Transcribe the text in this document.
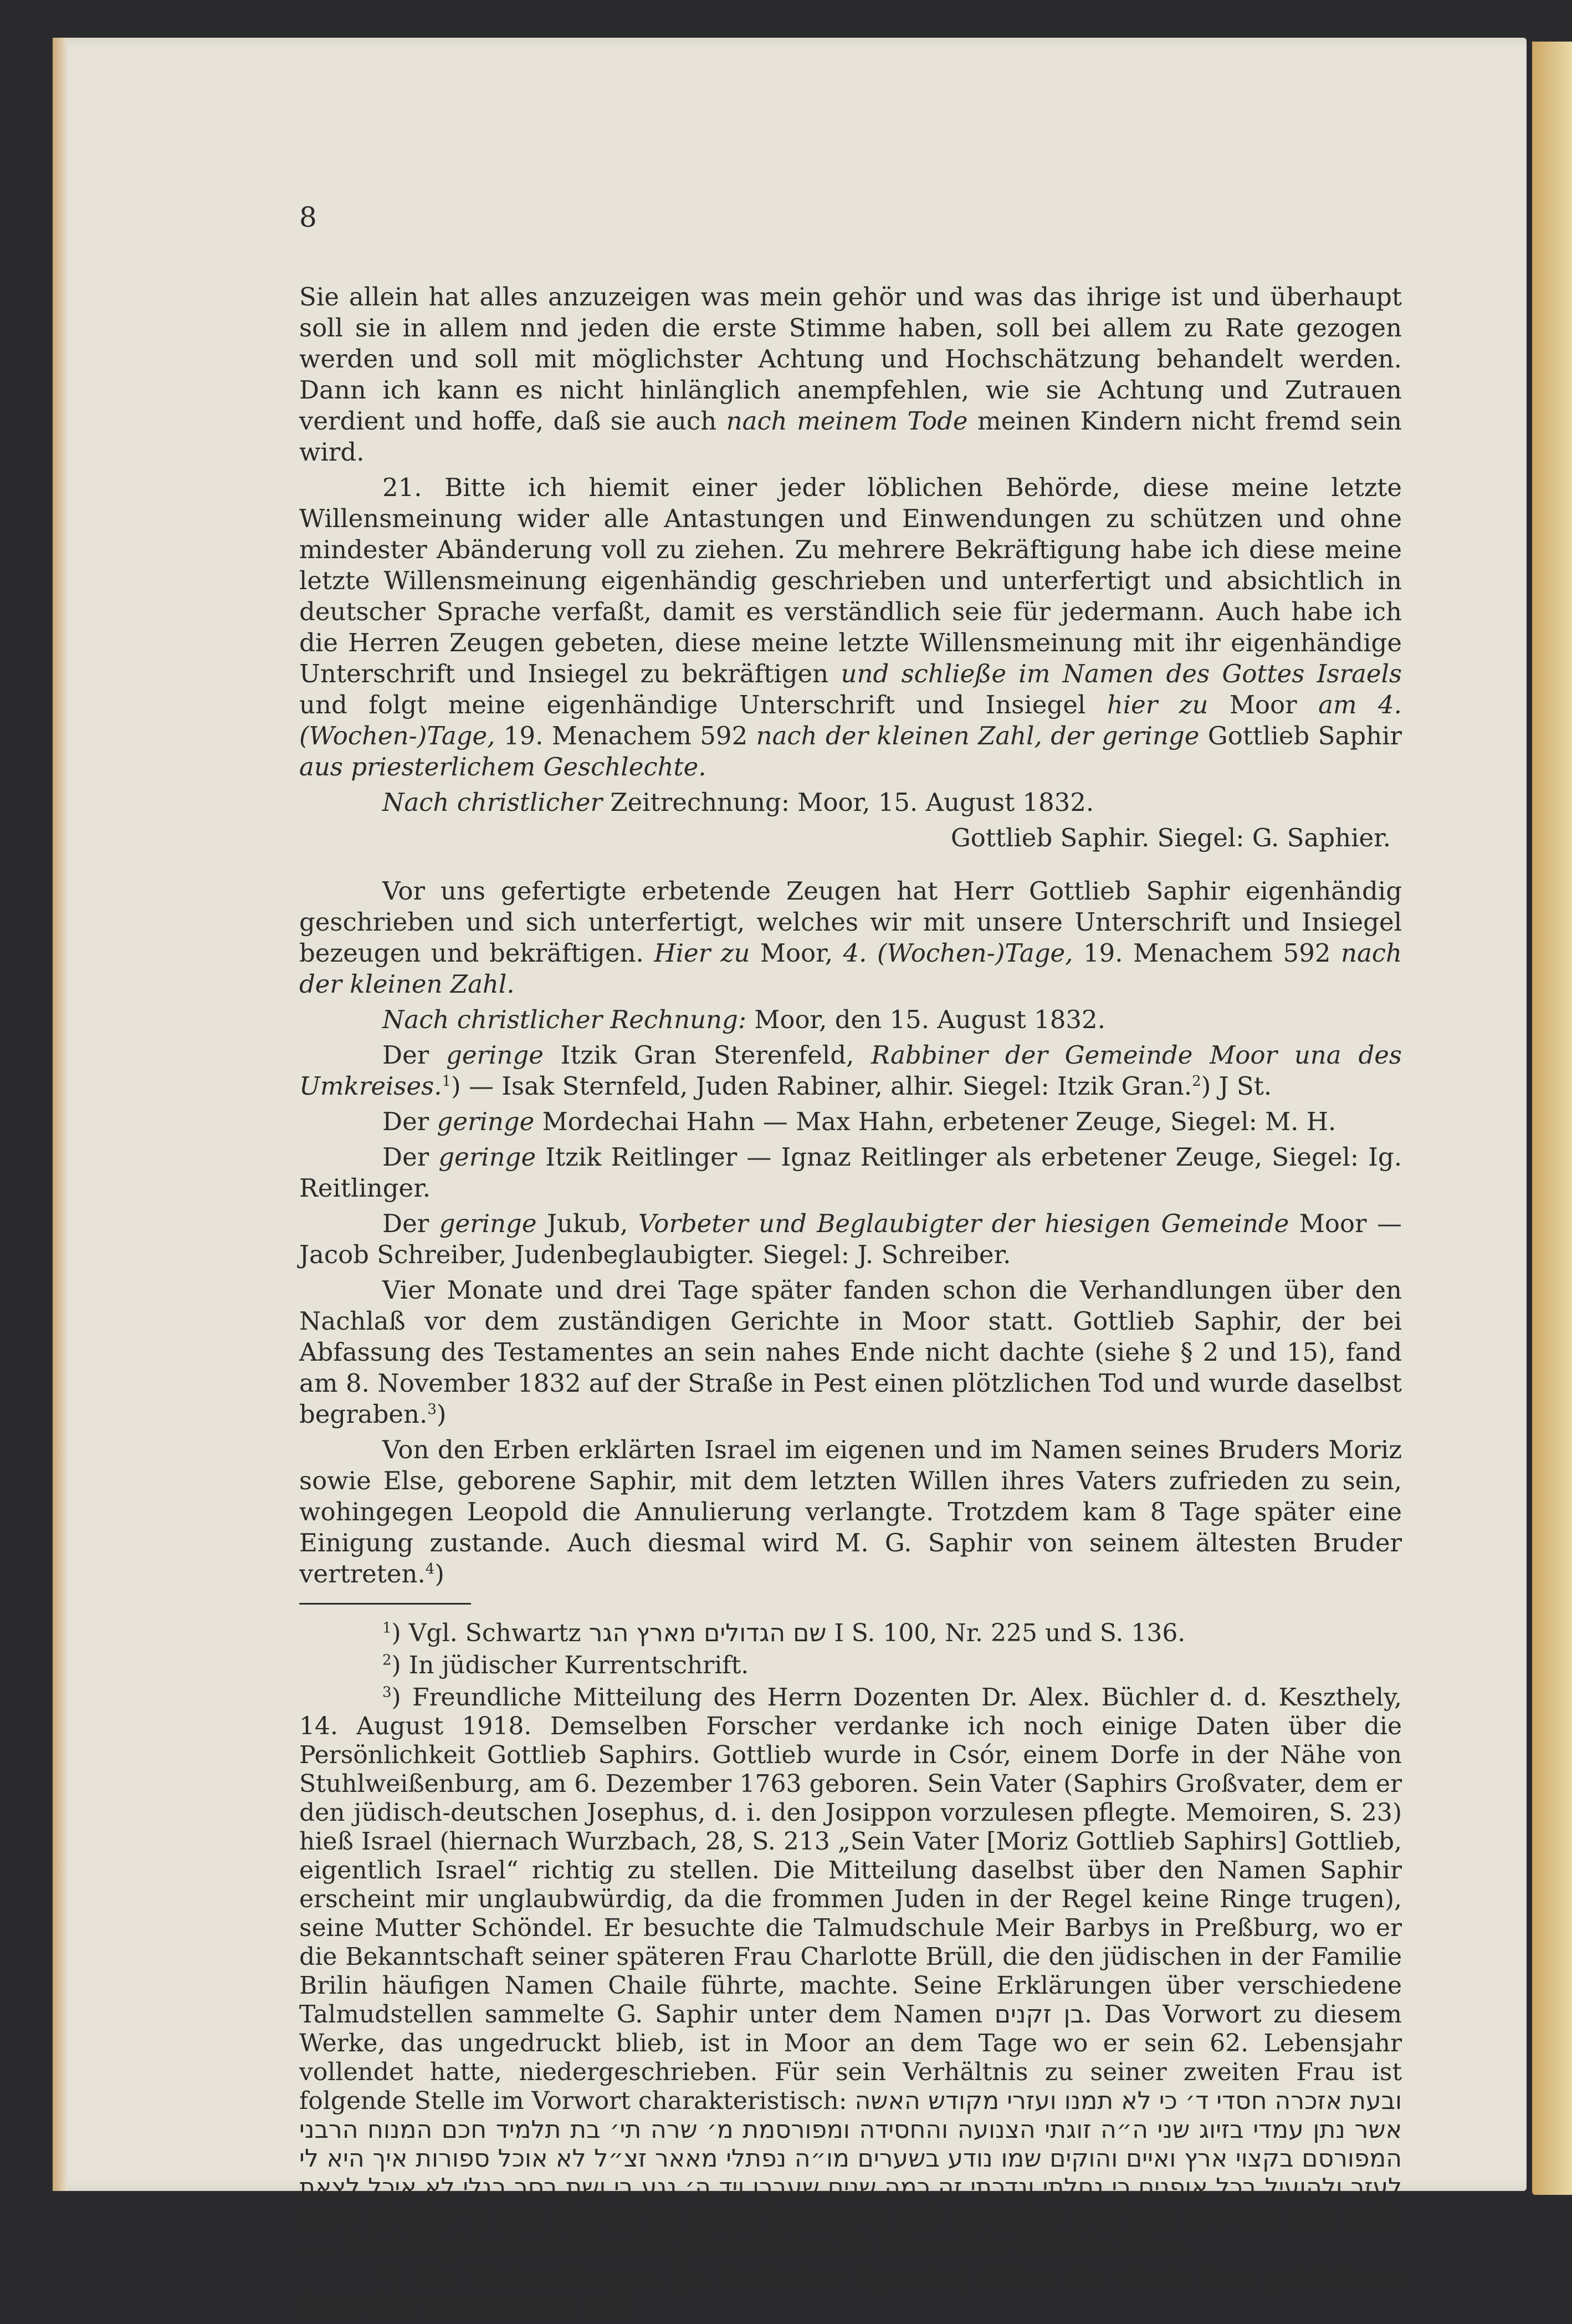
8

Sie allein hat alles anzuzeigen was mein gehör und was das ihrige ist und überhaupt soll sie in allem nnd jeden die erste Stimme haben, soll bei allem zu Rate gezogen werden und soll mit möglichster Achtung und Hochschätzung behandelt werden. Dann ich kann es nicht hinlänglich anempfehlen, wie sie Achtung und Zutrauen verdient und hoffe, daß sie auch nach meinem Tode meinen Kindern nicht fremd sein wird.

21. Bitte ich hiemit einer jeder löblichen Behörde, diese meine letzte Willensmeinung wider alle Antastungen und Einwendungen zu schützen und ohne mindester Abänderung voll zu ziehen. Zu mehrere Bekräftigung habe ich diese meine letzte Willensmeinung eigenhändig geschrieben und unterfertigt und absichtlich in deutscher Sprache verfaßt, damit es verständlich seie für jedermann. Auch habe ich die Herren Zeugen gebeten, diese meine letzte Willensmeinung mit ihr eigenhändige Unterschrift und Insiegel zu bekräftigen und schließe im Namen des Gottes Israels und folgt meine eigenhändige Unterschrift und Insiegel hier zu Moor am 4. (Wochen-)Tage, 19. Menachem 592 nach der kleinen Zahl, der geringe Gottlieb Saphir aus priesterlichem Geschlechte.

Nach christlicher Zeitrechnung: Moor, 15. August 1832.

Gottlieb Saphir. Siegel: G. Saphier.

Vor uns gefertigte erbetende Zeugen hat Herr Gottlieb Saphir eigenhändig geschrieben und sich unterfertigt, welches wir mit unsere Unterschrift und Insiegel bezeugen und bekräftigen. Hier zu Moor, 4. (Wochen-)Tage, 19. Menachem 592 nach der kleinen Zahl.

Nach christlicher Rechnung: Moor, den 15. August 1832.

Der geringe Itzik Gran Sterenfeld, Rabbiner der Gemeinde Moor una des Umkreises.$^1$) — Isak Sternfeld, Juden Rabiner, alhir. Siegel: Itzik Gran.$^2$) J St.

Der geringe Mordechai Hahn — Max Hahn, erbetener Zeuge, Siegel: M. H.

Der geringe Itzik Reitlinger — Ignaz Reitlinger als erbetener Zeuge, Siegel: Ig. Reitlinger.

Der geringe Jukub, Vorbeter und Beglaubigter der hiesigen Gemeinde Moor — Jacob Schreiber, Judenbeglaubigter. Siegel: J. Schreiber.

Vier Monate und drei Tage später fanden schon die Verhandlungen über den Nachlaß vor dem zuständigen Gerichte in Moor statt. Gottlieb Saphir, der bei Abfassung des Testamentes an sein nahes Ende nicht dachte (siehe § 2 und 15), fand am 8. November 1832 auf der Straße in Pest einen plötzlichen Tod und wurde daselbst begraben.$^3$)

Von den Erben erklärten Israel im eigenen und im Namen seines Bruders Moriz sowie Else, geborene Saphir, mit dem letzten Willen ihres Vaters zufrieden zu sein, wohingegen Leopold die Annulierung verlangte. Trotzdem kam 8 Tage später eine Einigung zustande. Auch diesmal wird M. G. Saphir von seinem ältesten Bruder vertreten.$^4$)

$^1$) Vgl. Schwartz שם הגדולים מארץ הגר I S. 100, Nr. 225 und S. 136.

$^2$) In jüdischer Kurrentschrift.

$^3$) Freundliche Mitteilung des Herrn Dozenten Dr. Alex. Büchler d. d. Keszthely, 14. August 1918. Demselben Forscher verdanke ich noch einige Daten über die Persönlichkeit Gottlieb Saphirs. Gottlieb wurde in Csór, einem Dorfe in der Nähe von Stuhlweißenburg, am 6. Dezember 1763 geboren. Sein Vater (Saphirs Großvater, dem er den jüdisch-deutschen Josephus, d. i. den Josippon vorzulesen pflegte. Memoiren, S. 23) hieß Israel (hiernach Wurzbach, 28, S. 213 „Sein Vater [Moriz Gottlieb Saphirs] Gottlieb, eigentlich Israel“ richtig zu stellen. Die Mitteilung daselbst über den Namen Saphir erscheint mir unglaubwürdig, da die frommen Juden in der Regel keine Ringe trugen), seine Mutter Schöndel. Er besuchte die Talmudschule Meir Barbys in Preßburg, wo er die Bekanntschaft seiner späteren Frau Charlotte Brüll, die den jüdischen in der Familie Brilin häufigen Namen Chaile führte, machte. Seine Erklärungen über verschiedene Talmudstellen sammelte G. Saphir unter dem Namen בן זקנים. Das Vorwort zu diesem Werke, das ungedruckt blieb, ist in Moor an dem Tage wo er sein 62. Lebensjahr vollendet hatte, niedergeschrieben. Für sein Verhältnis zu seiner zweiten Frau ist folgende Stelle im Vorwort charakteristisch: ובעת אזכרה חסדי ד׳ כי לא תמנו ועזרי מקודש האשה אשר נתן עמדי בזיוג שני ה״ה זוגתי הצנועה והחסידה ומפורסמת מ׳ שרה תי׳ בת תלמיד חכם המנוח הרבני המפורסם בקצוי ארץ ואיים והוקים שמו נודע בשערים מו״ה נפתלי מאאר זצ״ל לא אוכל ספורות איך היא לי לעזר ולהועיל בכל אופנים כי נחלתי ונדכתי זה כמה שנים שעברו ויד ה׳ נגע בי ושת בסר רגלי לא איכל לצאת ולבוא והנה אנכי יושב אוהל והיא שולחת ידה לכוס הישועות אל המחיה ועל הכלכלה אתה ה׳ שלם לה שכרה . . . Sara Saphir starb über 86 Jahre alt am 15. Dezember 1842 in Moor.

$^4$) Die Verhandlungen (in deutscher Sprache) füllen die vierte leer gebliebene Seite des Testamentes aus.
